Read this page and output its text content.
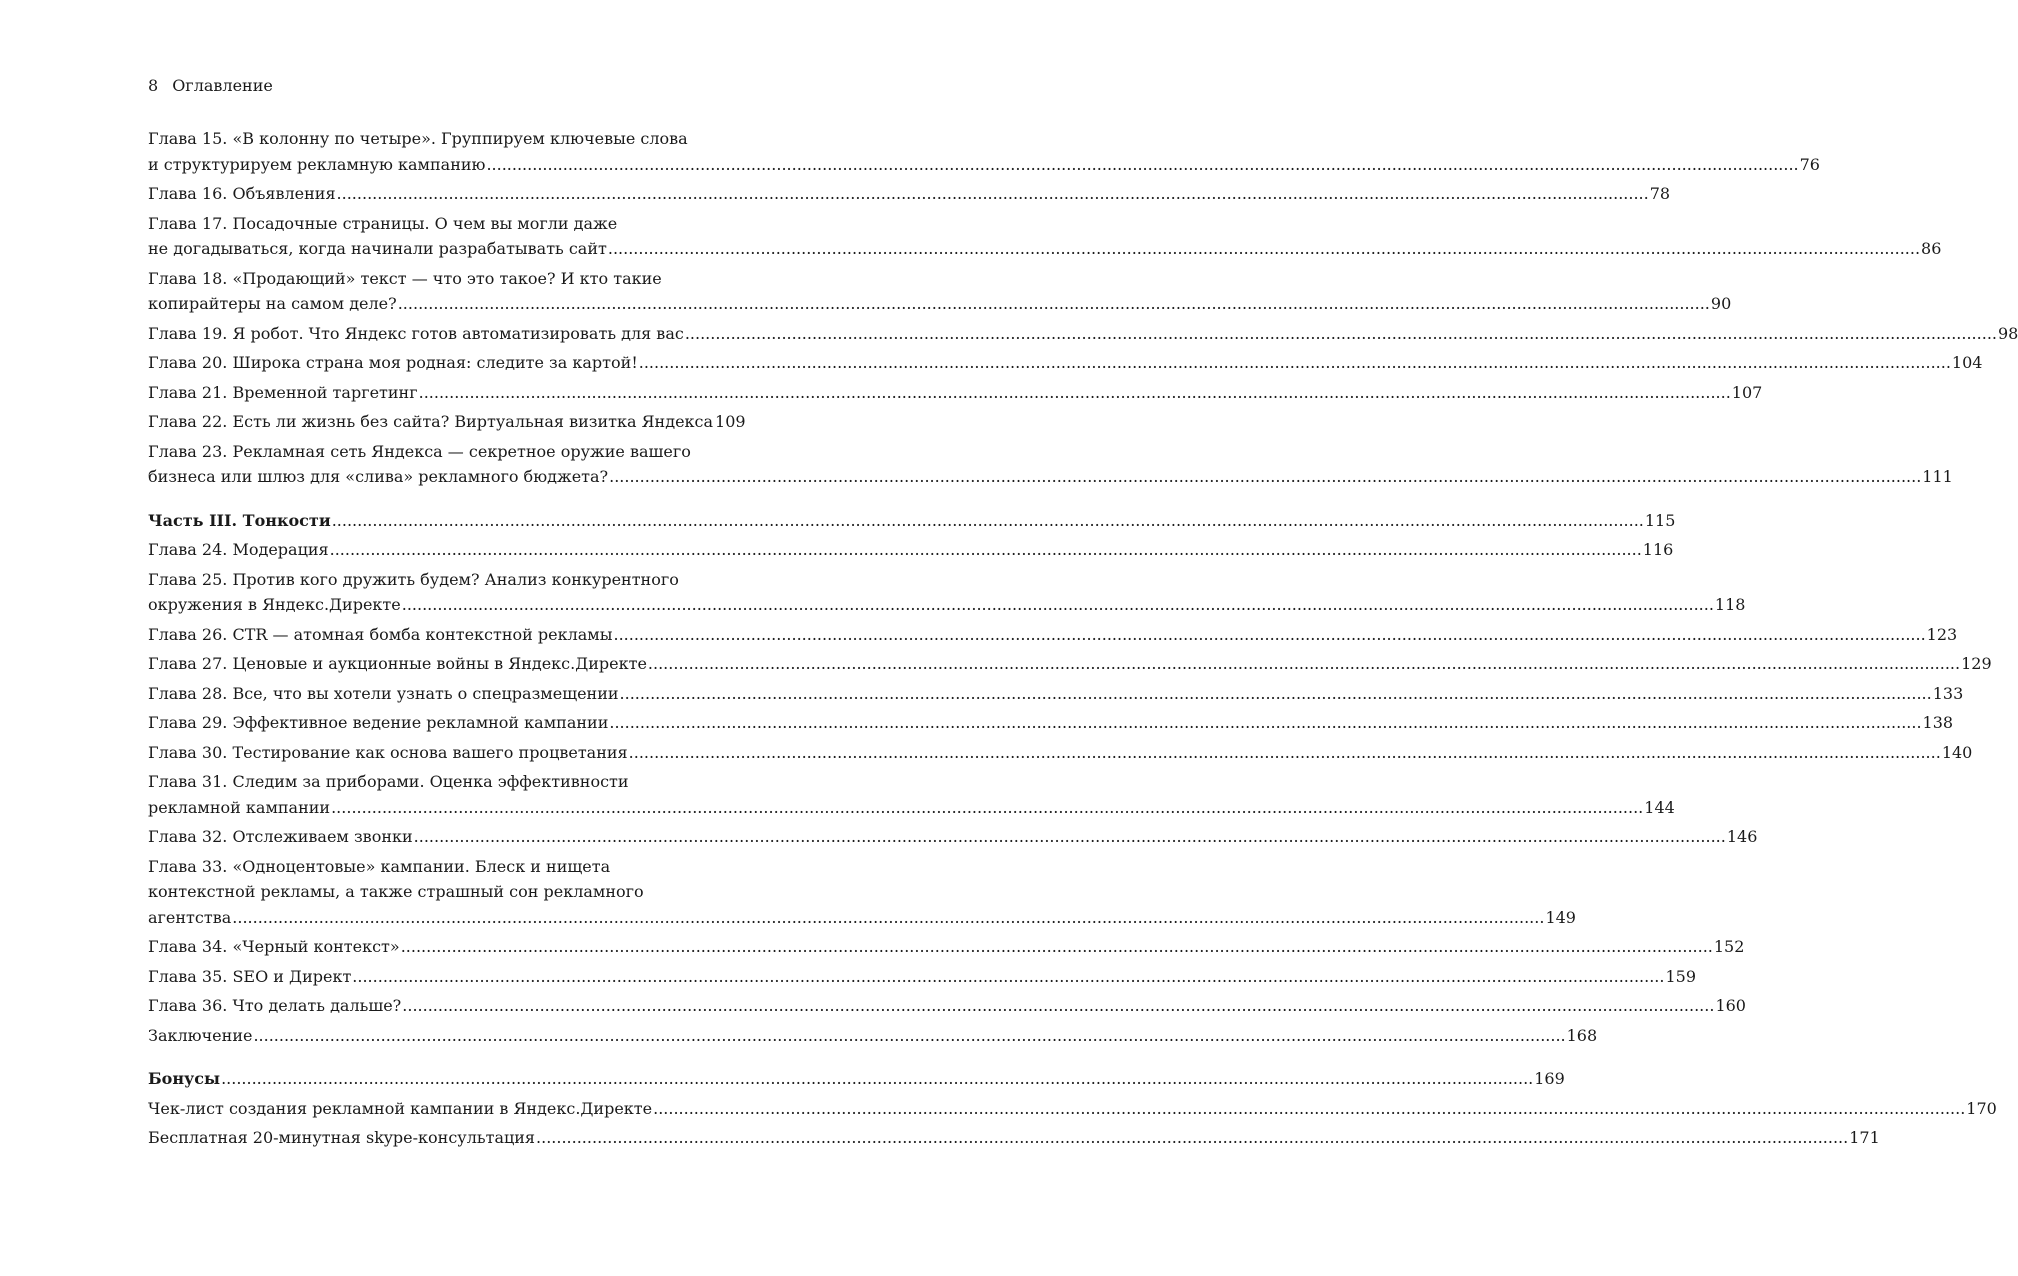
8 Оглавление
Глава 15. «В колонну по четыре». Группируем ключевые слова
и структурируем рекламную кампанию .....	76
Глава 16. Объявления .....	78
Глава 17. Посадочные страницы. О чем вы могли даже
не догадываться, когда начинали разрабатывать сайт .....	86
Глава 18. «Продающий» текст — что это такое? И кто такие
копирайтеры на самом деле? .....	90
Глава 19. Я робот. Что Яндекс готов автоматизировать для вас .....	98
Глава 20. Широка страна моя родная: следите за картой! .....	104
Глава 21. Временной таргетинг .....	107
Глава 22. Есть ли жизнь без сайта? Виртуальная визитка Яндекса 109
Глава 23. Рекламная сеть Яндекса — секретное оружие вашего
бизнеса или шлюз для «слива» рекламного бюджета? .....	111
Часть III. Тонкости .....	115
Глава 24. Модерация .....	116
Глава 25. Против кого дружить будем? Анализ конкурентного
окружения в Яндекс.Директе .....	118
Глава 26. CTR — атомная бомба контекстной рекламы .....	123
Глава 27. Ценовые и аукционные войны в Яндекс.Директе .....	129
Глава 28. Все, что вы хотели узнать о спецразмещении .....	133
Глава 29. Эффективное ведение рекламной кампании .....	138
Глава 30. Тестирование как основа вашего процветания .....	140
Глава 31. Следим за приборами. Оценка эффективности
рекламной кампании .....	144
Глава 32. Отслеживаем звонки .....	146
Глава 33. «Одноцентовые» кампании. Блеск и нищета
контекстной рекламы, а также страшный сон рекламного
агентства .....	149
Глава 34. «Черный контекст» .....	152
Глава 35. SEO и Директ .....	159
Глава 36. Что делать дальше? .....	160
Заключение .....	168
Бонусы .....	169
Чек-лист создания рекламной кампании в Яндекс.Директе .....	170
Бесплатная 20-минутная skype-консультация .....	171
